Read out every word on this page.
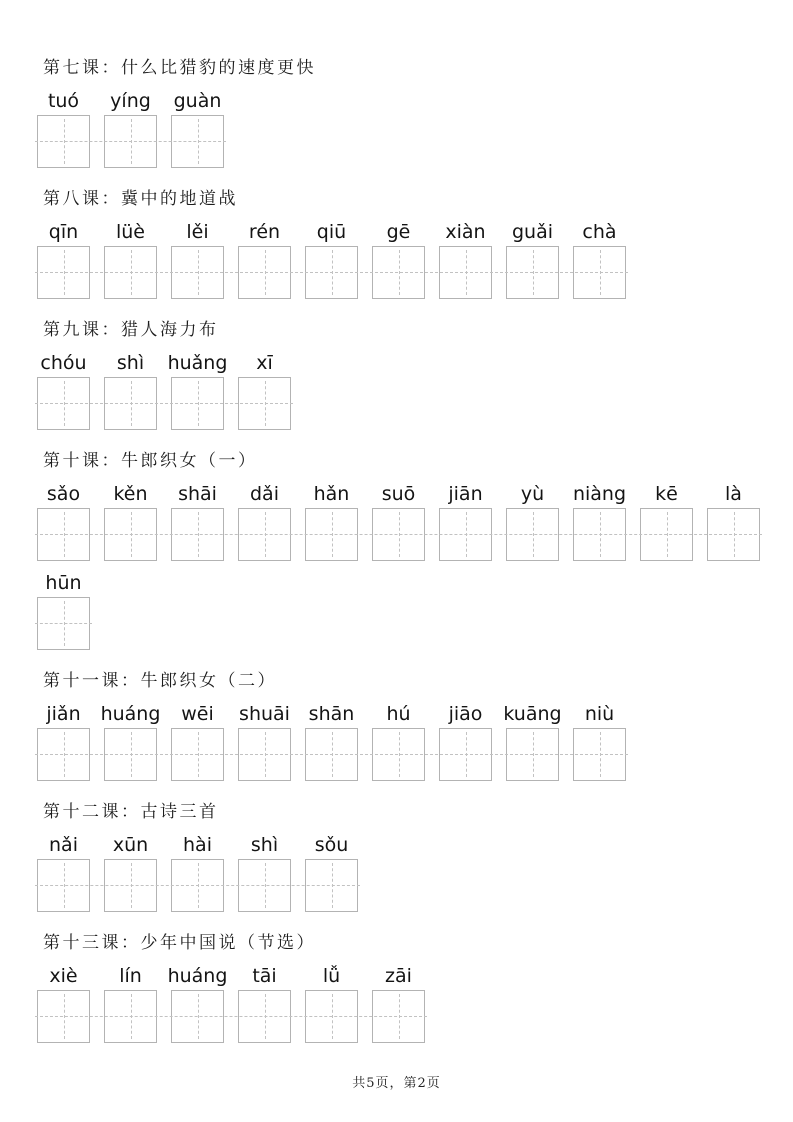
第七课：什么比猎豹的速度更快
tuó yíng guàn
第八课：冀中的地道战
qīn lüè lěi rén qiū gē xiàn guǎi chà
第九课：猎人海力布
chóu shì huǎng xī
第十课：牛郎织女（一）
sǎo kěn shāi dǎi hǎn suō jiān yù niàng kē là
hūn
第十一课：牛郎织女（二）
jiǎn huáng wēi shuāi shān hú jiāo kuāng niù
第十二课：古诗三首
nǎi xūn hài shì sǒu
第十三课：少年中国说（节选）
xiè lín huáng tāi lǚ zāi
共5页，第2页
